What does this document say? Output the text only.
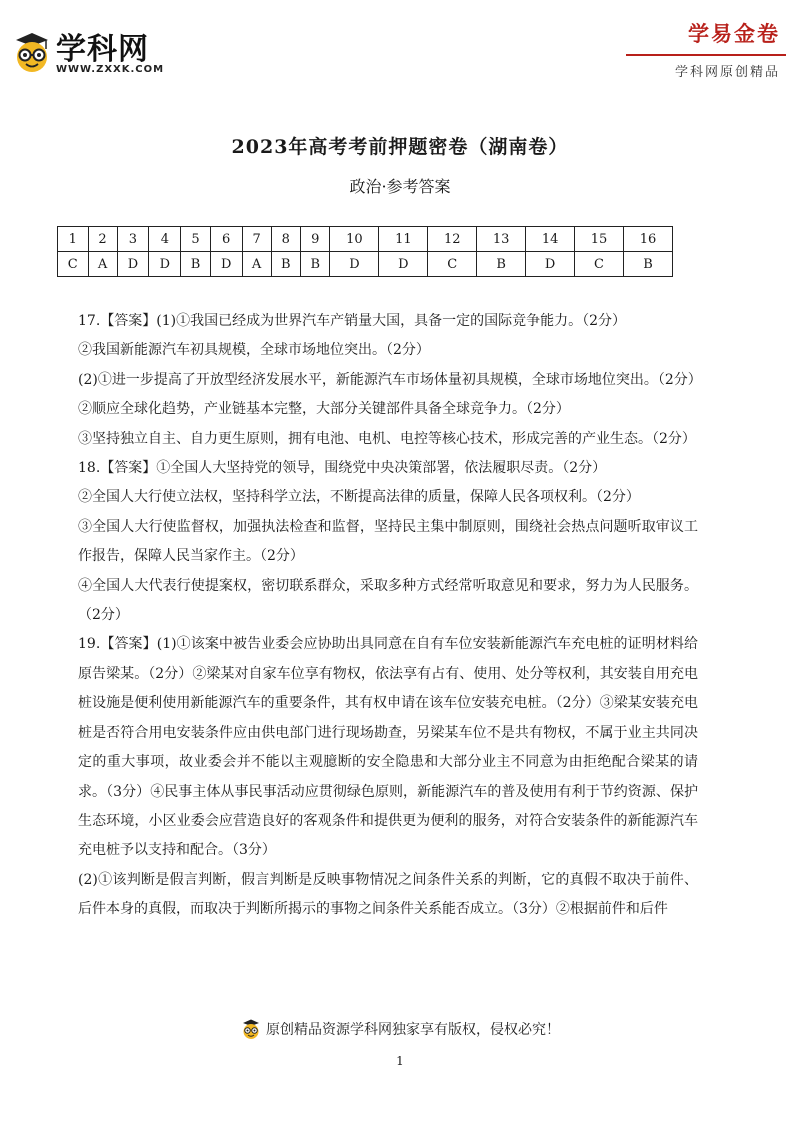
学科网
WWW.ZXXK.COM
学易金卷
学科网原创精品
2023年高考考前押题密卷（湖南卷）
政治·参考答案
1	2	3	4	5	6	7	8	9	10	11	12	13	14	15	16
C	A	D	D	B	D	A	B	B	D	D	C	B	D	C	B

17.【答案】(1)①我国已经成为世界汽车产销量大国，具备一定的国际竞争能力。（2分）

②我国新能源汽车初具规模，全球市场地位突出。（2分）

(2)①进一步提高了开放型经济发展水平，新能源汽车市场体量初具规模，全球市场地位突出。（2分）

②顺应全球化趋势，产业链基本完整，大部分关键部件具备全球竞争力。（2分）

③坚持独立自主、自力更生原则，拥有电池、电机、电控等核心技术，形成完善的产业生态。（2分）

18.【答案】①全国人大坚持党的领导，围绕党中央决策部署，依法履职尽责。（2分）

②全国人大行使立法权，坚持科学立法，不断提高法律的质量，保障人民各项权利。（2分）

③全国人大行使监督权，加强执法检查和监督，坚持民主集中制原则，围绕社会热点问题听取审议工作报告，保障人民当家作主。（2分）

④全国人大代表行使提案权，密切联系群众，采取多种方式经常听取意见和要求，努力为人民服务。（2分）

19.【答案】(1)①该案中被告业委会应协助出具同意在自有车位安装新能源汽车充电桩的证明材料给原告梁某。（2分）②梁某对自家车位享有物权，依法享有占有、使用、处分等权利，其安装自用充电桩设施是便利使用新能源汽车的重要条件，其有权申请在该车位安装充电桩。（2分）③梁某安装充电桩是否符合用电安装条件应由供电部门进行现场勘查，另梁某车位不是共有物权，不属于业主共同决定的重大事项，故业委会并不能以主观臆断的安全隐患和大部分业主不同意为由拒绝配合梁某的请求。（3分）④民事主体从事民事活动应贯彻绿色原则，新能源汽车的普及使用有利于节约资源、保护生态环境，小区业委会应营造良好的客观条件和提供更为便利的服务，对符合安装条件的新能源汽车充电桩予以支持和配合。（3分）

(2)①该判断是假言判断，假言判断是反映事物情况之间条件关系的判断，它的真假不取决于前件、后件本身的真假，而取决于判断所揭示的事物之间条件关系能否成立。（3分）②根据前件和后件

原创精品资源学科网独家享有版权，侵权必究！
1
